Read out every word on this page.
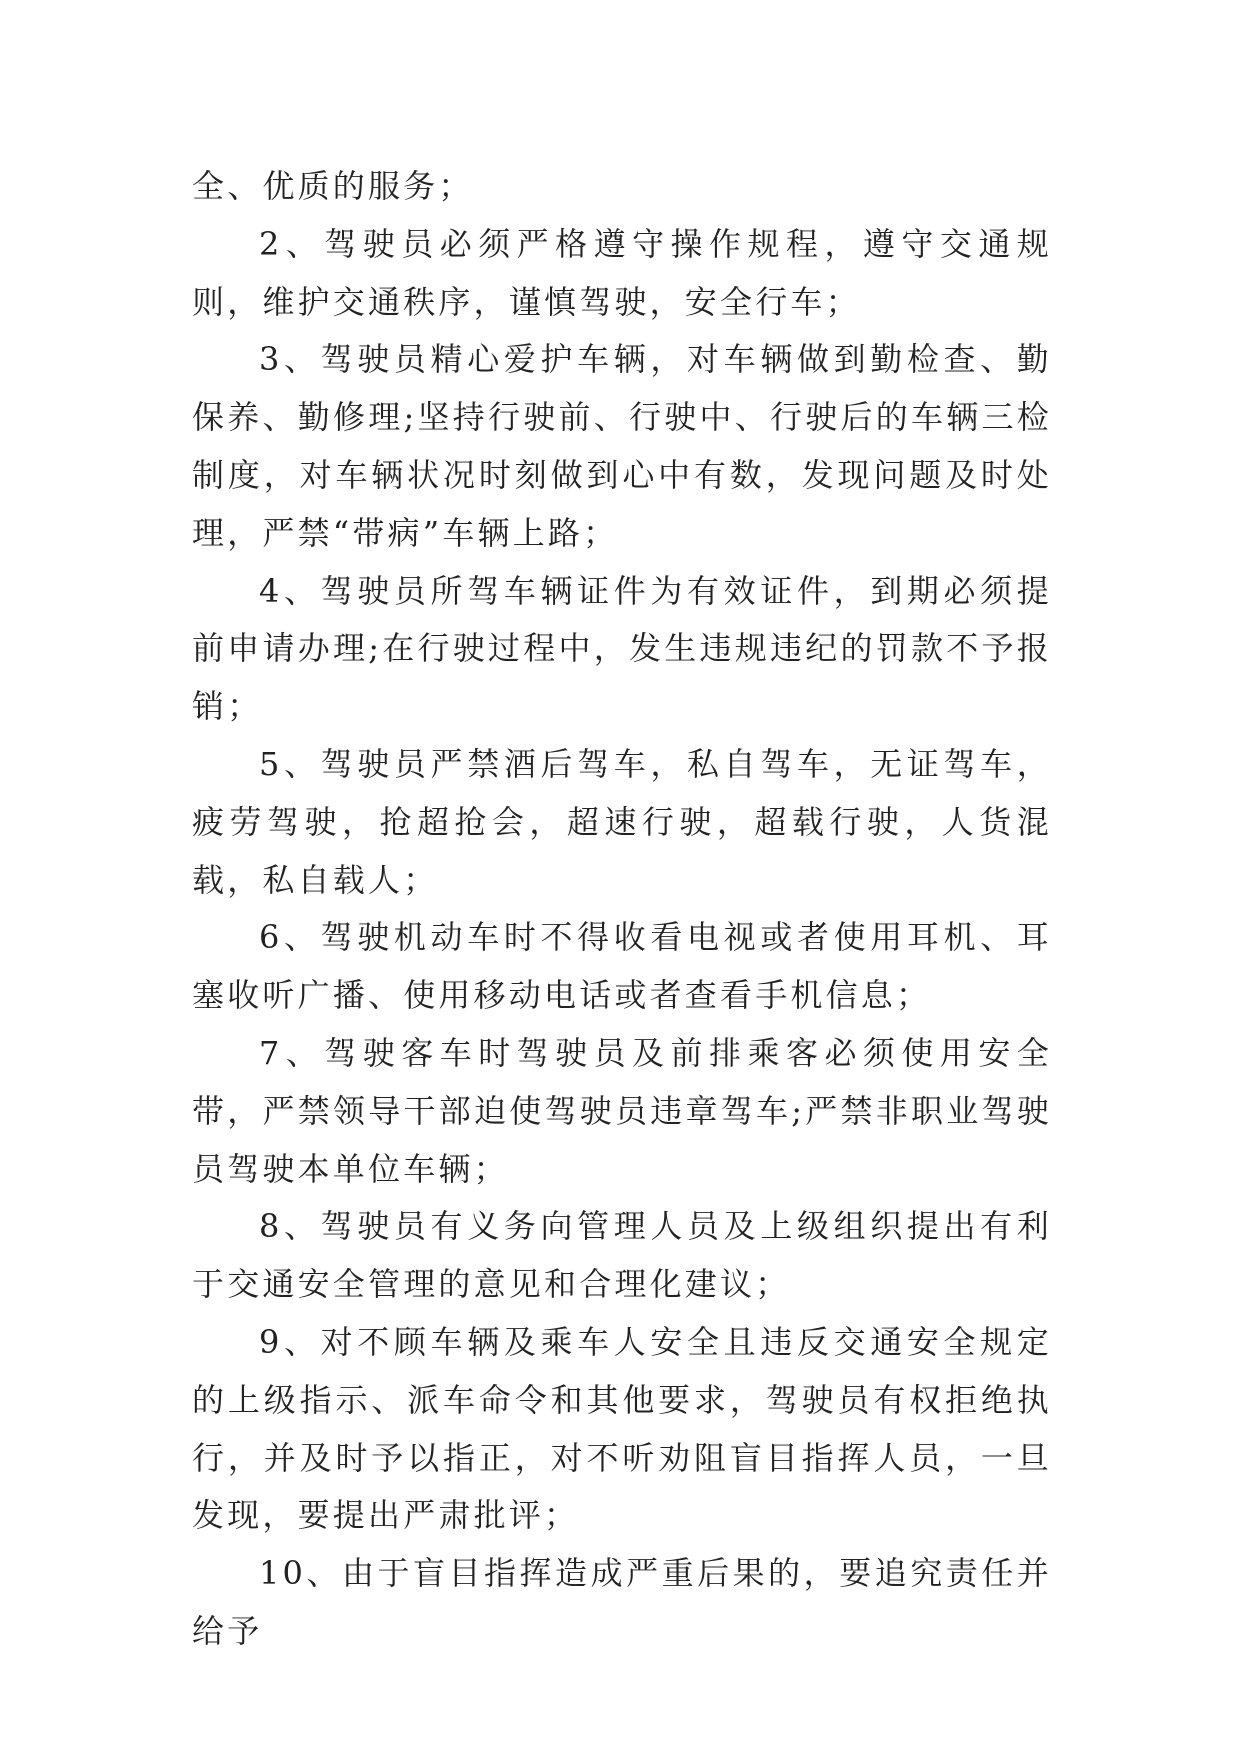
全、优质的服务；

2、驾驶员必须严格遵守操作规程，遵守交通规则，维护交通秩序，谨慎驾驶，安全行车；

3、驾驶员精心爱护车辆，对车辆做到勤检查、勤保养、勤修理;坚持行驶前、行驶中、行驶后的车辆三检制度，对车辆状况时刻做到心中有数，发现问题及时处理，严禁“带病”车辆上路；

4、驾驶员所驾车辆证件为有效证件，到期必须提前申请办理;在行驶过程中，发生违规违纪的罚款不予报销；

5、驾驶员严禁酒后驾车，私自驾车，无证驾车，疲劳驾驶，抢超抢会，超速行驶，超载行驶，人货混载，私自载人；

6、驾驶机动车时不得收看电视或者使用耳机、耳塞收听广播、使用移动电话或者查看手机信息；

7、驾驶客车时驾驶员及前排乘客必须使用安全带，严禁领导干部迫使驾驶员违章驾车;严禁非职业驾驶员驾驶本单位车辆；

8、驾驶员有义务向管理人员及上级组织提出有利于交通安全管理的意见和合理化建议；

9、对不顾车辆及乘车人安全且违反交通安全规定的上级指示、派车命令和其他要求，驾驶员有权拒绝执行，并及时予以指正，对不听劝阻盲目指挥人员，一旦发现，要提出严肃批评；

10、由于盲目指挥造成严重后果的，要追究责任并给予
